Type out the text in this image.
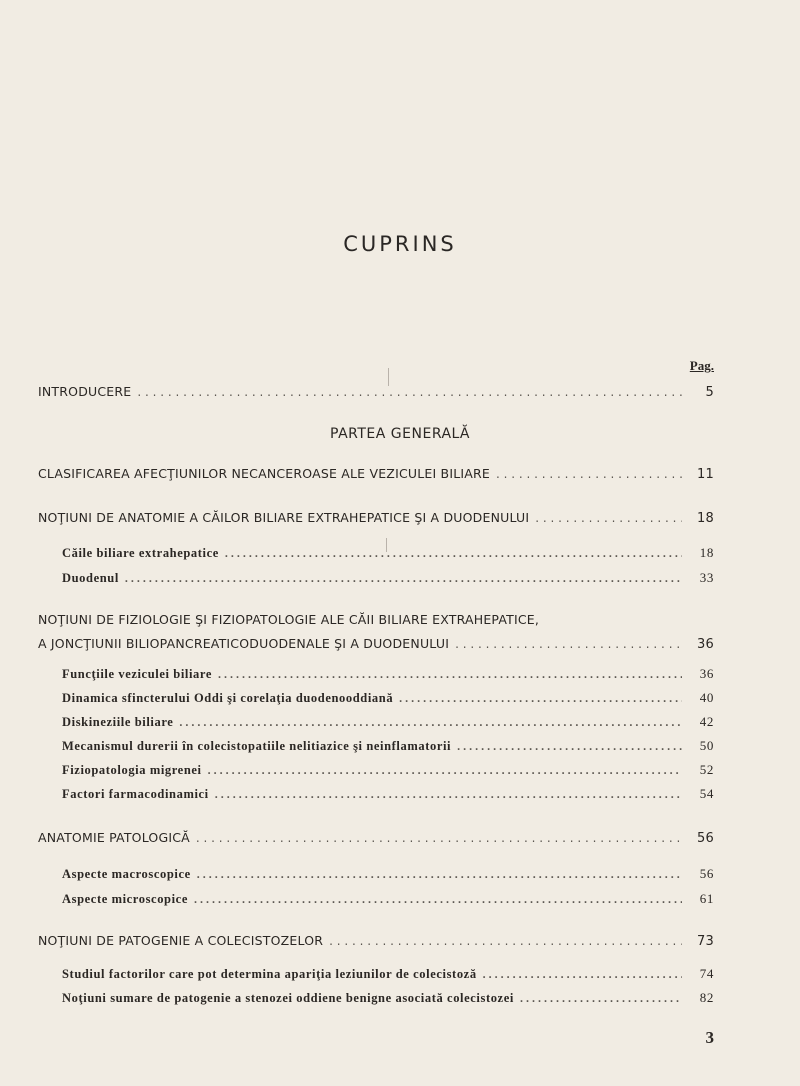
CUPRINS
Pag.
INTRODUCERE . . .	5
PARTEA GENERALĂ
CLASIFICAREA AFECŢIUNILOR NECANCEROASE ALE VEZICULEI BILIARE . . .	11
NOŢIUNI DE ANATOMIE A CĂILOR BILIARE EXTRAHEPATICE ŞI A DUODENULUI . . .	18
Căile biliare extrahepatice . . .	18
Duodenul . . .	33
NOŢIUNI DE FIZIOLOGIE ŞI FIZIOPATOLOGIE ALE CĂII BILIARE EXTRAHEPATICE,
A JONCŢIUNII BILIOPANCREATICODUODENALE ŞI A DUODENULUI . . .	36
Funcţiile veziculei biliare . . .	36
Dinamica sfincterului Oddi şi corelaţia duodenooddiană . . .	40
Diskineziile biliare . . .	42
Mecanismul durerii în colecistopatiile nelitiazice şi neinflamatorii . . .	50
Fiziopatologia migrenei . . .	52
Factori farmacodinamici . . .	54
ANATOMIE PATOLOGICĂ . . .	56
Aspecte macroscopice . . .	56
Aspecte microscopice . . .	61
NOŢIUNI DE PATOGENIE A COLECISTOZELOR . . .	73
Studiul factorilor care pot determina apariţia leziunilor de colecistoză . . .	74
Noţiuni sumare de patogenie a stenozei oddiene benigne asociată colecistozei . . .	82
3
